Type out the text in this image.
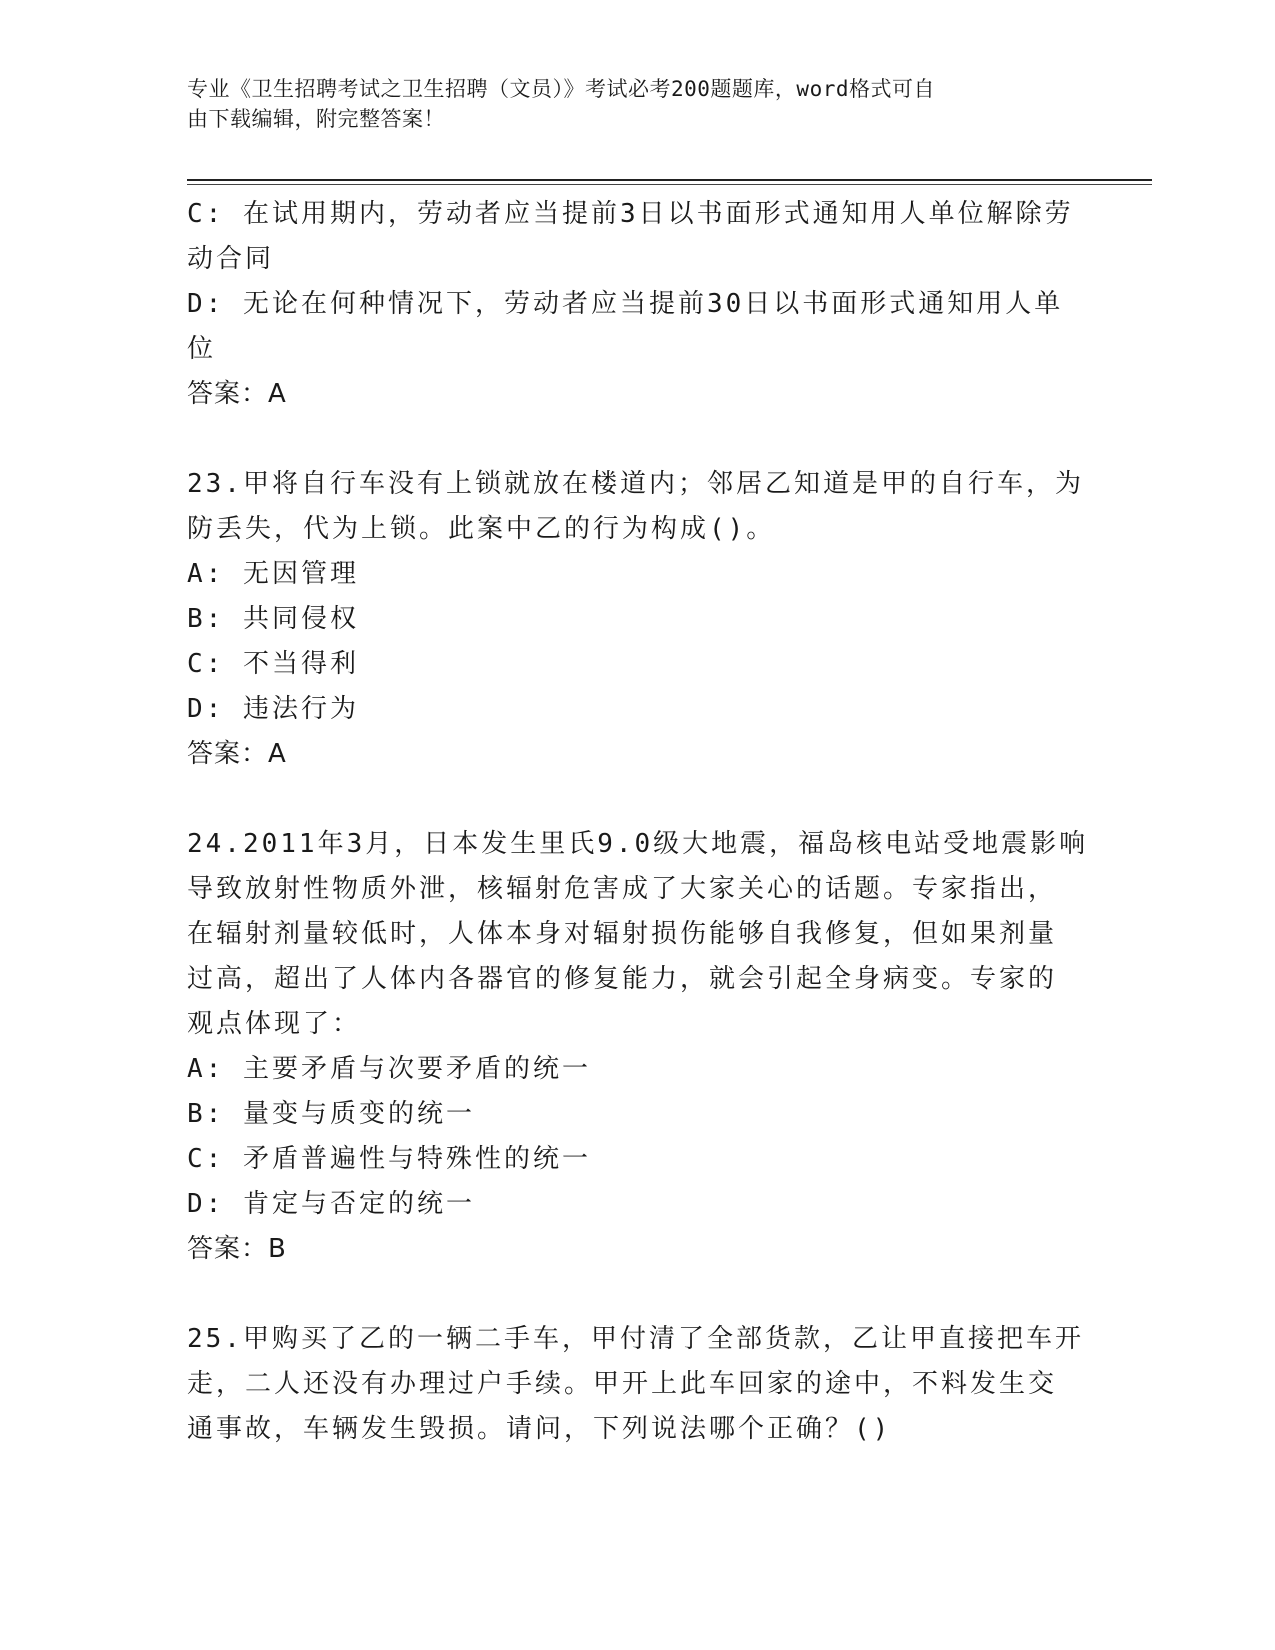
专业《卫生招聘考试之卫生招聘（文员）》考试必考200题题库，word格式可自
由下载编辑，附完整答案！
C: 在试用期内，劳动者应当提前3日以书面形式通知用人单位解除劳
动合同
D: 无论在何种情况下，劳动者应当提前30日以书面形式通知用人单
位
答案：A
23.甲将自行车没有上锁就放在楼道内；邻居乙知道是甲的自行车，为
防丢失，代为上锁。此案中乙的行为构成()。
A: 无因管理
B: 共同侵权
C: 不当得利
D: 违法行为
答案：A
24.2011年3月，日本发生里氏9.0级大地震，福岛核电站受地震影响
导致放射性物质外泄，核辐射危害成了大家关心的话题。专家指出，
在辐射剂量较低时，人体本身对辐射损伤能够自我修复，但如果剂量
过高，超出了人体内各器官的修复能力，就会引起全身病变。专家的
观点体现了：
A: 主要矛盾与次要矛盾的统一
B: 量变与质变的统一
C: 矛盾普遍性与特殊性的统一
D: 肯定与否定的统一
答案：B
25.甲购买了乙的一辆二手车，甲付清了全部货款，乙让甲直接把车开
走，二人还没有办理过户手续。甲开上此车回家的途中，不料发生交
通事故，车辆发生毁损。请问，下列说法哪个正确？()
